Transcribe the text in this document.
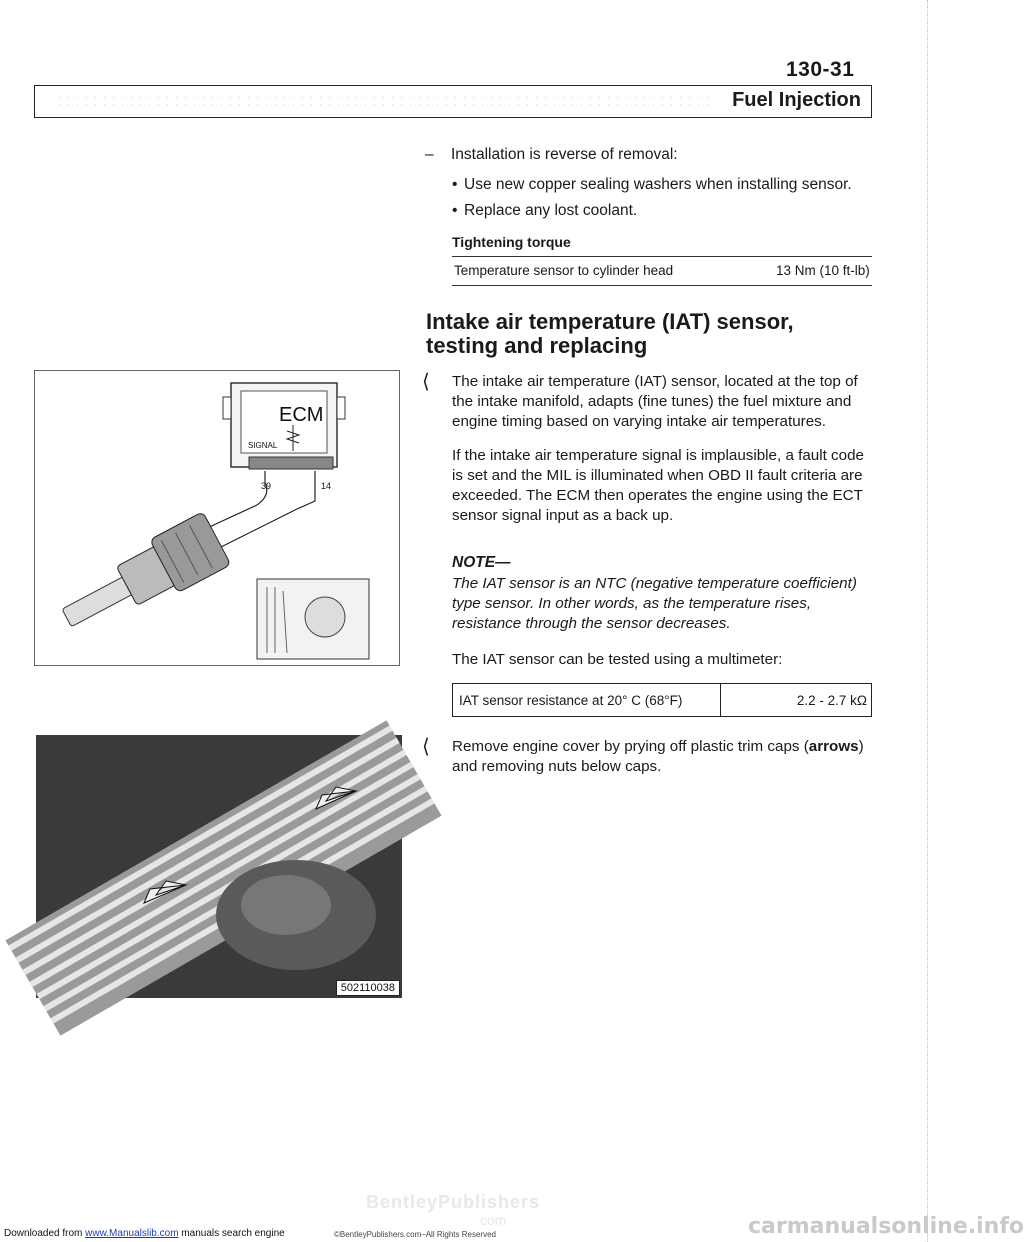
130-31
Fuel Injection
– Installation is reverse of removal:
• Use new copper sealing washers when installing sensor.
• Replace any lost coolant.
Tightening torque
Temperature sensor to cylinder head	13 Nm (10 ft-lb)
Intake air temperature (IAT) sensor,
testing and replacing
⟨ The intake air temperature (IAT) sensor, located at the top of the intake manifold, adapts (fine tunes) the fuel mixture and engine timing based on varying intake air temperatures.
If the intake air temperature signal is implausible, a fault code is set and the MIL is illuminated when OBD II fault criteria are exceeded. The ECM then operates the engine using the ECT sensor signal input as a back up.
NOTE—
The IAT sensor is an NTC (negative temperature coefficient) type sensor. In other words, as the temperature rises, resistance through the sensor decreases.
The IAT sensor can be tested using a multimeter:
IAT sensor resistance at 20° C (68°F)	2.2 - 2.7 kΩ
⟨ Remove engine cover by prying off plastic trim caps (arrows) and removing nuts below caps.
ECM
SIGNAL
39	14
502110038
BentleyPublishers
.com
Downloaded from www.Manualslib.com manuals search engine	©BentleyPublishers.com–All Rights Reserved	carmanualsonline.info
